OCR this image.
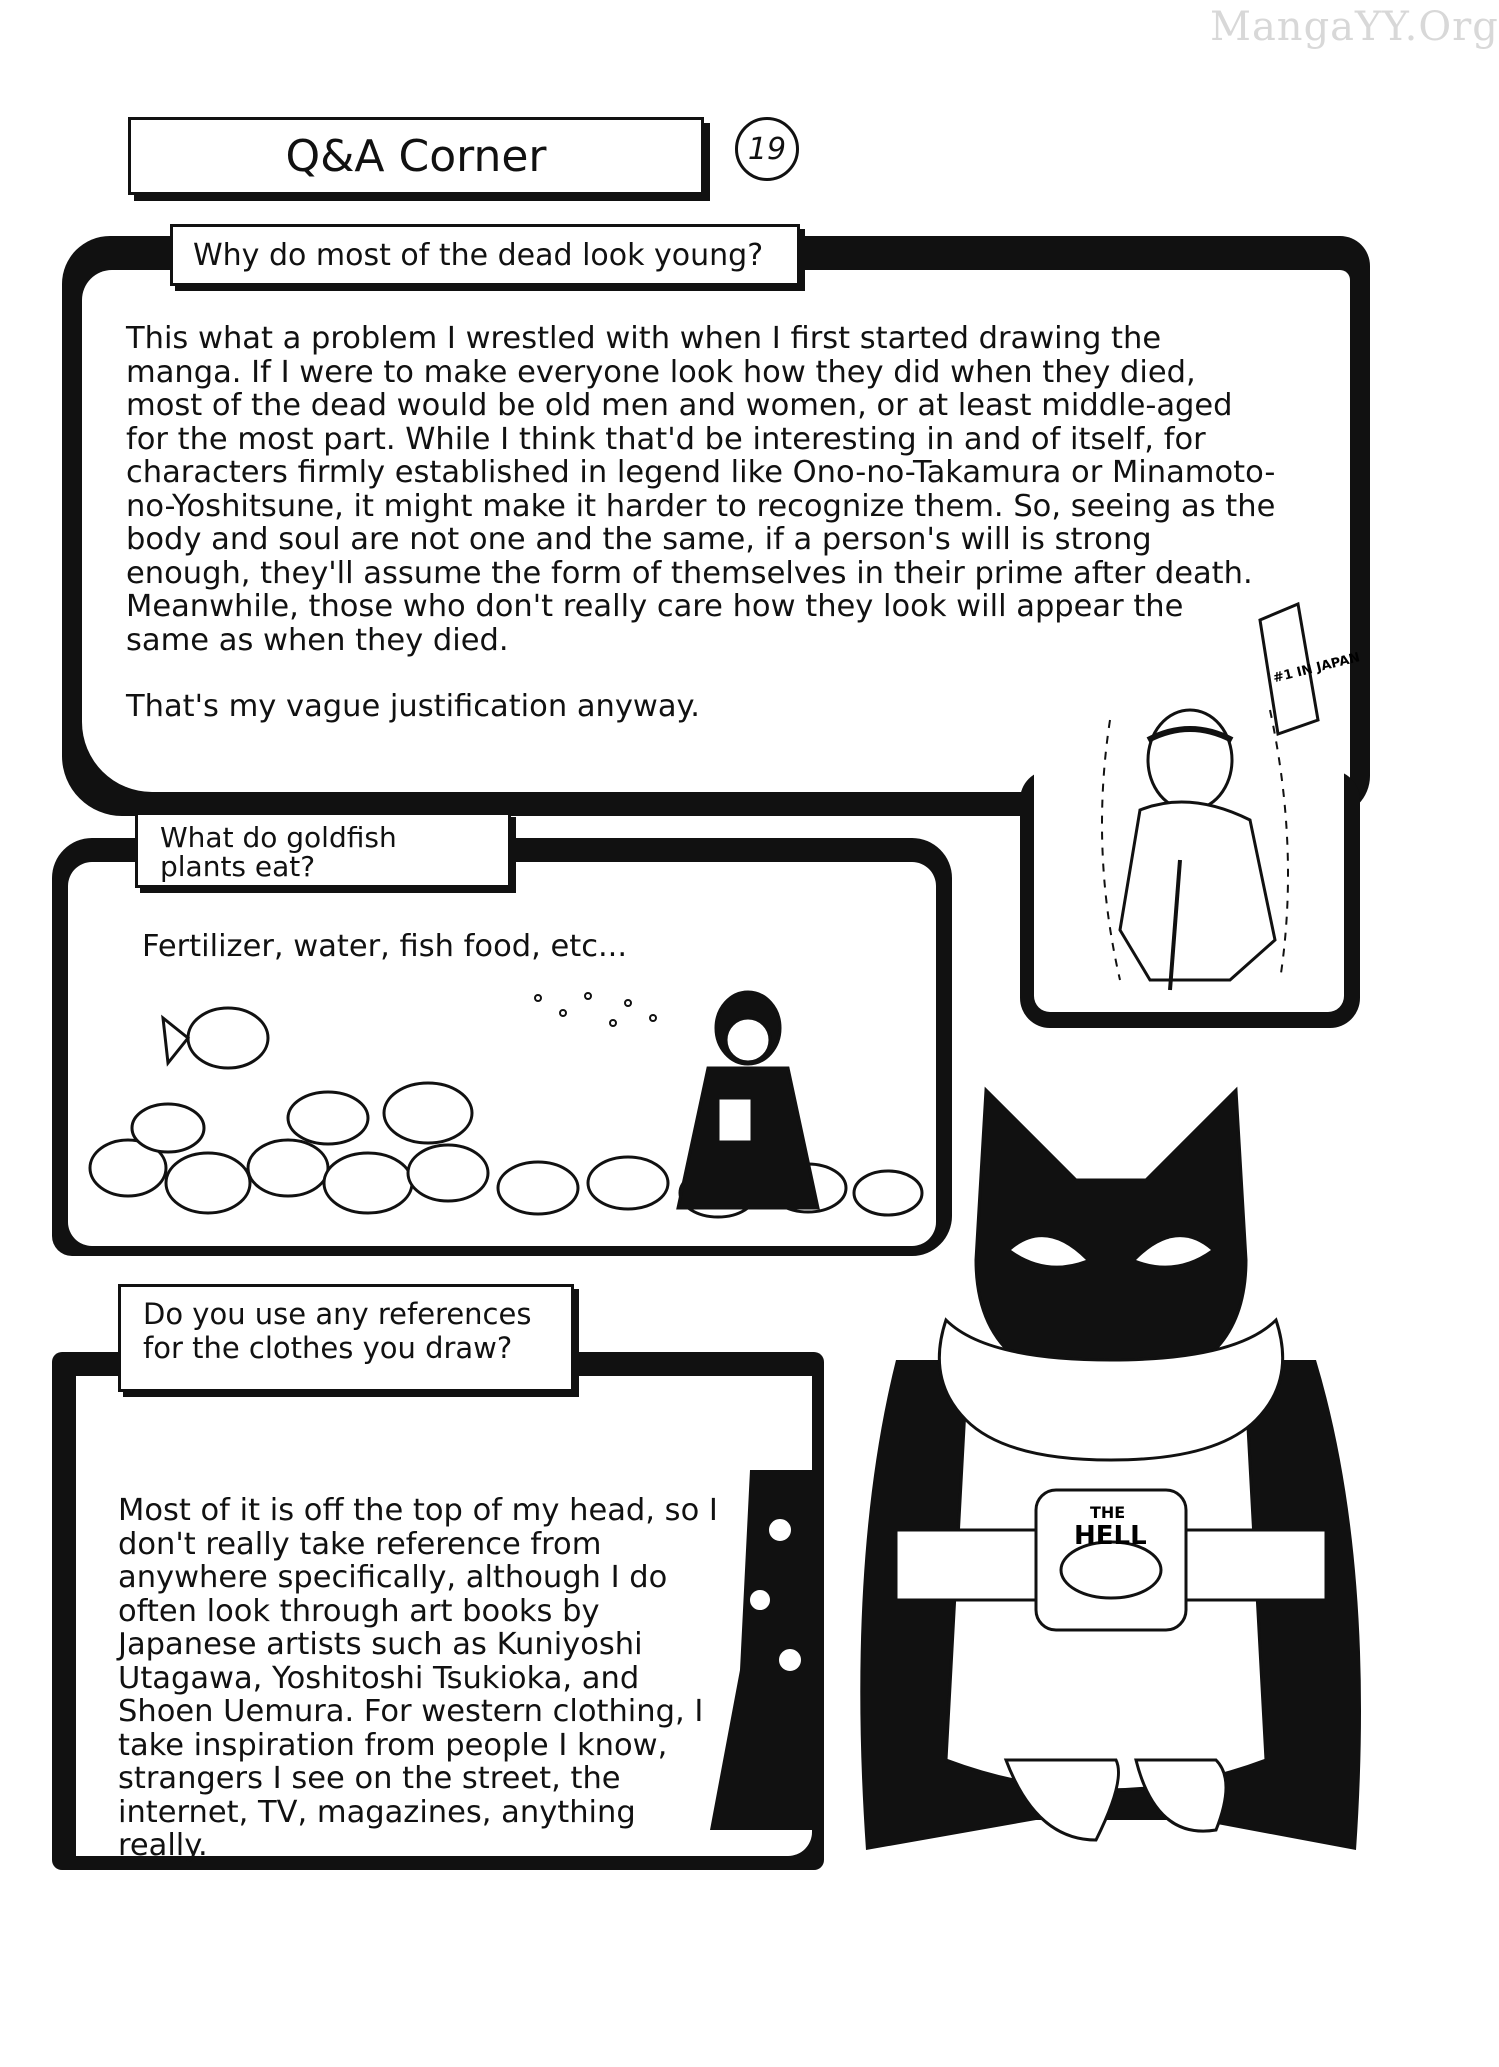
MangaYY.Org
Q&A Corner	19
Why do most of the dead look young?

This what a problem I wrestled with when I first started drawing the manga. If I were to make everyone look how they did when they died, most of the dead would be old men and women, or at least middle-aged for the most part. While I think that'd be interesting in and of itself, for characters firmly established in legend like Ono-no-Takamura or Minamoto-no-Yoshitsune, it might make it harder to recognize them. So, seeing as the body and soul are not one and the same, if a person's will is strong enough, they'll assume the form of themselves in their prime after death. Meanwhile, those who don't really care how they look will appear the same as when they died.

That's my vague justification anyway.

#1 IN JAPAN
What do goldfish plants eat?
Fertilizer, water, fish food, etc...
Do you use any references for the clothes you draw?
Most of it is off the top of my head, so I don't really take reference from anywhere specifically, although I do often look through art books by Japanese artists such as Kuniyoshi Utagawa, Yoshitoshi Tsukioka, and Shoen Uemura. For western clothing, I take inspiration from people I know, strangers I see on the street, the internet, TV, magazines, anything really.
THE
HELL
